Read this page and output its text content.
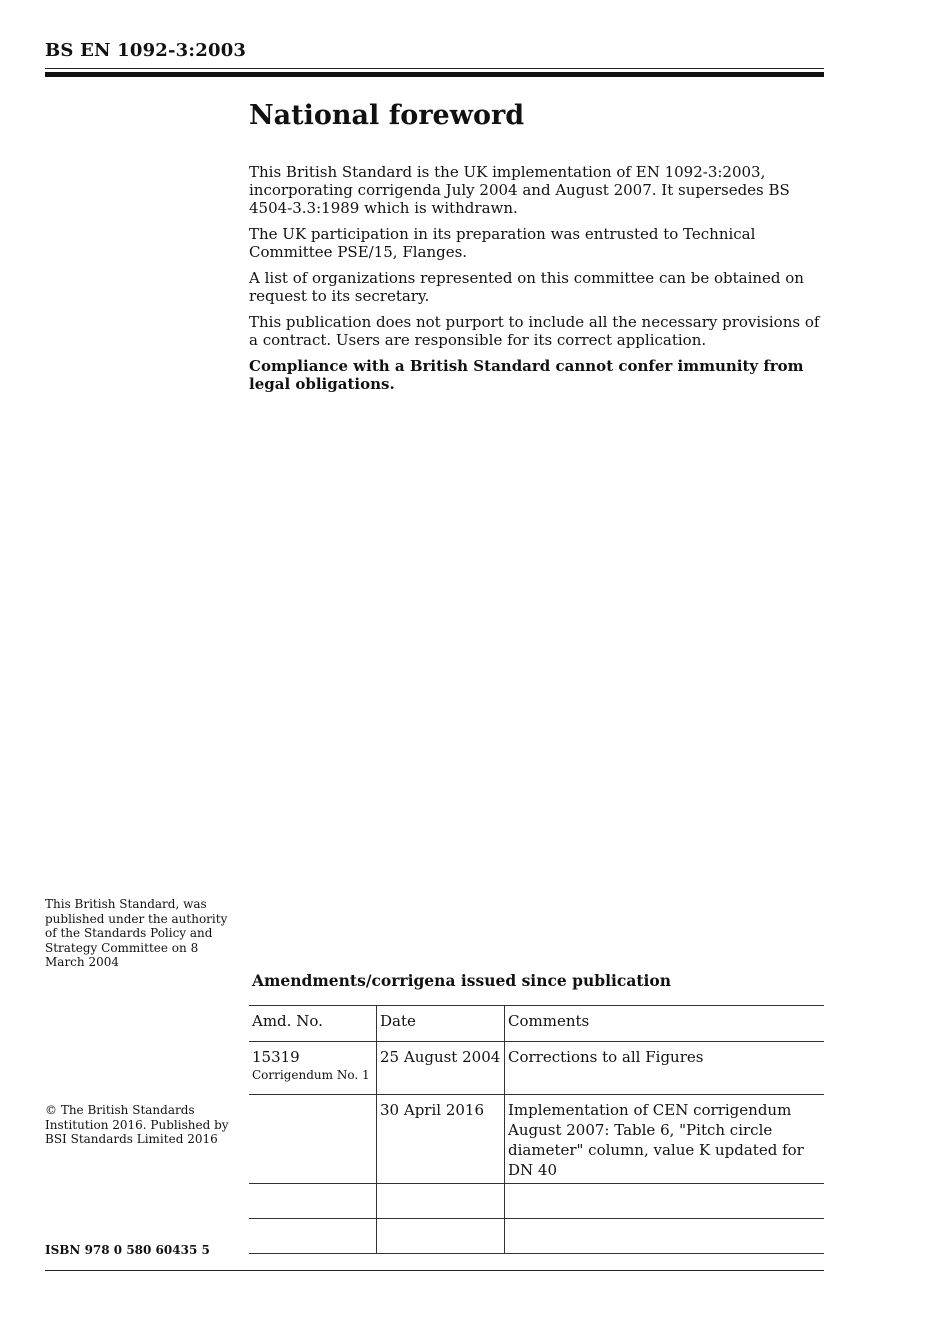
BS EN 1092-3:2003
National foreword

This British Standard is the UK implementation of EN 1092-3:2003, incorporating corrigenda July 2004 and August 2007. It supersedes BS 4504-3.3:1989 which is withdrawn.

The UK participation in its preparation was entrusted to Technical Committee PSE/15, Flanges.

A list of organizations represented on this committee can be obtained on request to its secretary.

This publication does not purport to include all the necessary provisions of a contract. Users are responsible for its correct application.

Compliance with a British Standard cannot confer immunity from legal obligations.

This British Standard, was published under the authority of the Standards Policy and Strategy Committee on 8 March 2004
© The British Standards Institution 2016. Published by BSI Standards Limited 2016
ISBN 978 0 580 60435 5
Amendments/corrigena issued since publication
Amd. No.	Date	Comments
15319
Corrigendum No. 1	25 August 2004	Corrections to all Figures
	30 April 2016	Implementation of CEN corrigendum August 2007: Table 6, "Pitch circle diameter" column, value K updated for DN 40
